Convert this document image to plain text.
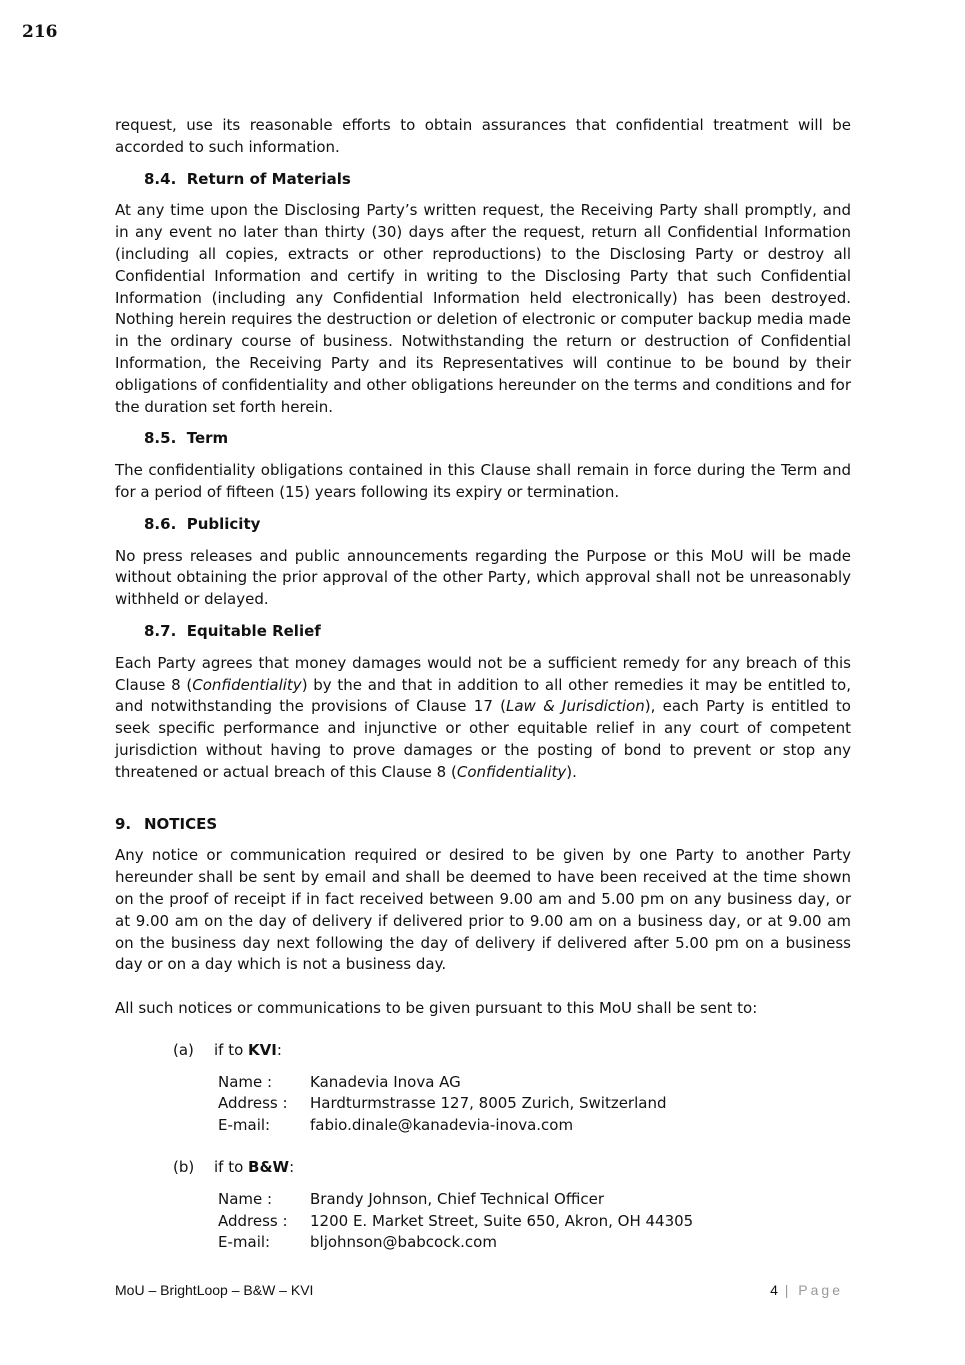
216

request, use its reasonable efforts to obtain assurances that confidential treatment will be accorded to such information.

8.4.  Return of Materials

At any time upon the Disclosing Party’s written request, the Receiving Party shall promptly, and in any event no later than thirty (30) days after the request, return all Confidential Information (including all copies, extracts or other reproductions) to the Disclosing Party or destroy all Confidential Information and certify in writing to the Disclosing Party that such Confidential Information (including any Confidential Information held electronically) has been destroyed. Nothing herein requires the destruction or deletion of electronic or computer backup media made in the ordinary course of business. Notwithstanding the return or destruction of Confidential Information, the Receiving Party and its Representatives will continue to be bound by their obligations of confidentiality and other obligations hereunder on the terms and conditions and for the duration set forth herein.

8.5.  Term

The confidentiality obligations contained in this Clause shall remain in force during the Term and for a period of fifteen (15) years following its expiry or termination.

8.6.  Publicity

No press releases and public announcements regarding the Purpose or this MoU will be made without obtaining the prior approval of the other Party, which approval shall not be unreasonably withheld or delayed.

8.7.  Equitable Relief

Each Party agrees that money damages would not be a sufficient remedy for any breach of this Clause 8 (Confidentiality) by the and that in addition to all other remedies it may be entitled to, and notwithstanding the provisions of Clause 17 (Law & Jurisdiction), each Party is entitled to seek specific performance and injunctive or other equitable relief in any court of competent jurisdiction without having to prove damages or the posting of bond to prevent or stop any threatened or actual breach of this Clause 8 (Confidentiality).

9. NOTICES

Any notice or communication required or desired to be given by one Party to another Party hereunder shall be sent by email and shall be deemed to have been received at the time shown on the proof of receipt if in fact received between 9.00 am and 5.00 pm on any business day, or at 9.00 am on the day of delivery if delivered prior to 9.00 am on a business day, or at 9.00 am on the business day next following the day of delivery if delivered after 5.00 pm on a business day or on a day which is not a business day.

All such notices or communications to be given pursuant to this MoU shall be sent to:

(a) if to KVI:
Name :	Kanadevia Inova AG
Address :	Hardturmstrasse 127, 8005 Zurich, Switzerland
E-mail:	fabio.dinale@kanadevia-inova.com
(b) if to B&W:
Name :	Brandy Johnson, Chief Technical Officer
Address :	1200 E. Market Street, Suite 650, Akron, OH 44305
E-mail:	bljohnson@babcock.com
MoU – BrightLoop – B&W – KVI	4 | Page
